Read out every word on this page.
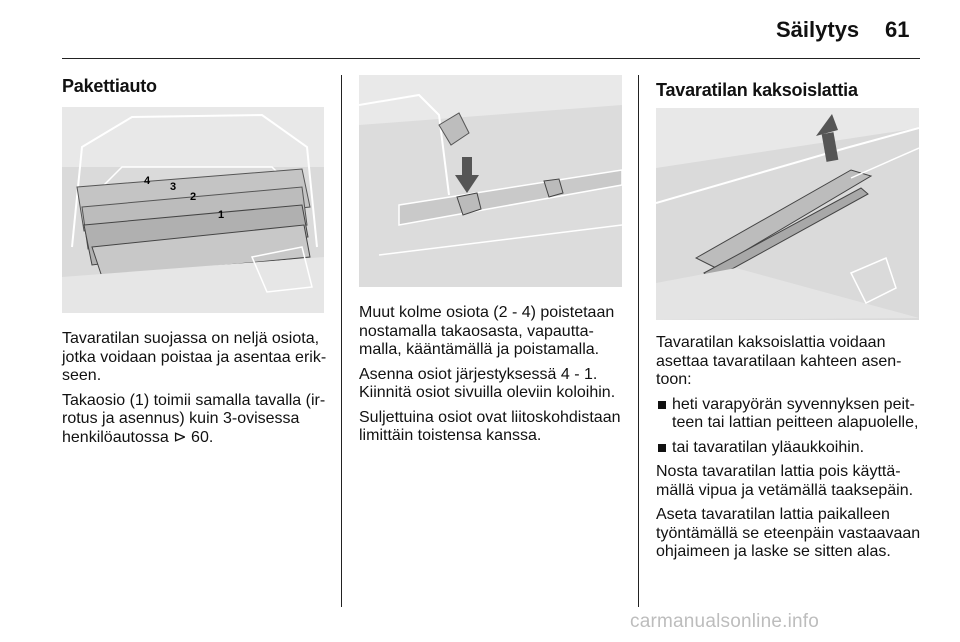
Säilytys 61
Pakettiauto
4 3
2
1

Tavaratilan suojassa on neljä osiota, jotka voidaan poistaa ja asentaa erik-seen.

Takaosio (1) toimii samalla tavalla (ir-rotus ja asennus) kuin 3-ovisessa henkilöautossa ⊳ 60.

Muut kolme osiota (2 - 4) poistetaan nostamalla takaosasta, vapautta-malla, kääntämällä ja poistamalla.

Asenna osiot järjestyksessä 4 - 1. Kiinnitä osiot sivuilla oleviin koloihin.

Suljettuina osiot ovat liitoskohdistaan limittäin toistensa kanssa.

Tavaratilan kaksoislattia

Tavaratilan kaksoislattia voidaan asettaa tavaratilaan kahteen asen-toon:

heti varapyörän syvennyksen peit-teen tai lattian peitteen alapuolelle,
tai tavaratilan yläaukkoihin.

Nosta tavaratilan lattia pois käyttä-mällä vipua ja vetämällä taaksepäin.

Aseta tavaratilan lattia paikalleen työntämällä se eteenpäin vastaavaan ohjaimeen ja laske se sitten alas.

carmanualsonline.info
